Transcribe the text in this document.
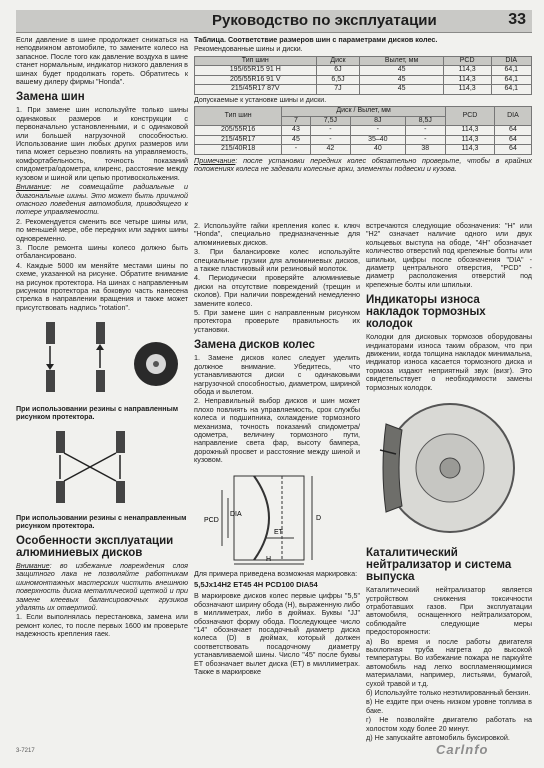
Руководство по эксплуатации	33

Если давление в шине продолжает снижаться на неподвижном автомобиле, то замените колесо на запасное. После того как давление воздуха в шине станет нормальным, индикатор низкого давления в шинах будет продолжать гореть. Обратитесь к вашему дилеру фирмы "Honda".

Замена шин

1. При замене шин используйте только шины одинаковых размеров и конструкции с первоначально установленными, и с одинаковой или большей нагрузочной способностью. Использование шин любых других размеров или типа может серьезно повлиять на управляемость, комфортабельность, точность показаний спидометра/одометра, клиренс, расстояние между кузовом и шиной или цепью противоскольжения.

Внимание: не совмещайте радиальные и диагональные шины. Это может быть причиной опасного поведения автомобиля, приводящего к потере управляемости.

2. Рекомендуется сменить все четыре шины или, по меньшей мере, обе передних или задних шины одновременно.

3. После ремонта шины колесо должно быть отбалансировано.

4. Каждые 5000 км меняйте местами шины по схеме, указанной на рисунке. Обратите внимание на рисунок протектора. На шинах с направленным рисунком протектора на боковую часть нанесена стрелка в направлении вращения и также может присутствовать надпись "rotation".

При использовании резины с направленным рисунком протектора.
При использовании резины с ненаправленным рисунком протектора.
Особенности эксплуатации алюминиевых дисков

Внимание: во избежание повреждения слоя защитного лака не позволяйте работникам шиномонтажных мастерских чистить внешнюю поверхность диска металлической щеткой и при замене клеевых балансировочных грузиков удалять их отверткой.

1. Если выполнялась перестановка, замена или ремонт колес, то после первых 1600 км проверьте надежность крепления гаек.

Таблица. Соответствие размеров шин с параметрами дисков колес.
Рекомендованные шины и диски.
Тип шин	Диск	Вылет, мм	PCD	DIA
195/65R15 91 H	6J	45	114,3	64,1
205/55R16 91 V	6,5J	45	114,3	64,1
215/45R17 87V	7J	45	114,3	64,1
Допускаемые к установке шины и диски.
Тип шин	Диск / Вылет, мм				PCD	DIA
	7	7,5J	8J	8,5J		
205/55R16	43	-	-	-	114,3	64
215/45R17	45	-	35–40	-	114,3	64
215/40R18	-	42	40	38	114,3	64

Примечание: после установки передних колес обязательно проверьте, чтобы в крайних положениях колеса не задевали колесные арки, элементы подвески и кузова.

2. Используйте гайки крепления колес к. ключ "Honda", специально предназначенные для алюминиевых дисков.

3. При балансировке колес используйте специальные грузики для алюминиевых дисков, а также пластиковый или резиновый молоток.

4. Периодически проверяйте алюминиевые диски на отсутствие повреждений (трещин и сколов). При наличии повреждений немедленно замените колесо.

5. При замене шин с направленным рисунком протектора проверьте правильность их установки.

Замена дисков колес

1. Замене дисков колес следует уделить должное внимание. Убедитесь, что устанавливаются диски с одинаковыми нагрузочной способностью, диаметром, шириной обода и вылетом.

2. Неправильный выбор дисков и шин может плохо повлиять на управляемость, срок службы колеса и подшипника, охлаждение тормозного механизма, точность показаний спидометра/одометра, величину тормозного пути, направление света фар, высоту бампера, дорожный просвет и расстояние между шиной и кузовом.

PCD
DIA
D
ET
H

Для примера приведена возможная маркировка:

5,5Jx14H2 ET45 4H PCD100 DIA54

В маркировке дисков колес первые цифры "5,5" обозначают ширину обода (H), выраженную либо в миллиметрах, либо в дюймах. Буквы "JJ" обозначают форму обода. Последующее число "14" обозначает посадочный диаметр диска колеса (D) в дюймах, который должен соответствовать посадочному диаметру устанавливаемой шины. Число "45" после буквы ET обозначает вылет диска (ET) в миллиметрах. Также в маркировке

встречаются следующие обозначения: "H" или "H2" означает наличие одного или двух кольцевых выступа на ободе, "4H" обозначает количество отверстий под крепежные болты или шпильки, цифры после обозначения "DIA" - диаметр центрального отверстия, "PCD" - диаметр расположения отверстий под крепежные болты или шпильки.

Индикаторы износа накладок тормозных колодок

Колодки для дисковых тормозов оборудованы индикаторами износа таким образом, что при движении, когда толщина накладок минимальна, индикатор износа касается тормозного диска и тормоза издают неприятный звук (визг). Это свидетельствует о необходимости замены тормозных колодок.

Каталитический нейтрализатор и система выпуска

Каталитический нейтрализатор является устройством снижения токсичности отработавших газов. При эксплуатации автомобиля, оснащенного нейтрализатором, соблюдайте следующие меры предосторожности:

а) Во время и после работы двигателя выхлопная труба нагрета до высокой температуры. Во избежание пожара не паркуйте автомобиль над легко воспламеняющимися материалами, например, листьями, бумагой, сухой травой и т.д.

б) Используйте только неэтилированный бензин.

в) Не ездите при очень низком уровне топлива в баке.

г) Не позволяйте двигателю работать на холостом ходу более 20 минут.

д) Не запускайте автомобиль буксировкой.

3-7217	Carlnfo
